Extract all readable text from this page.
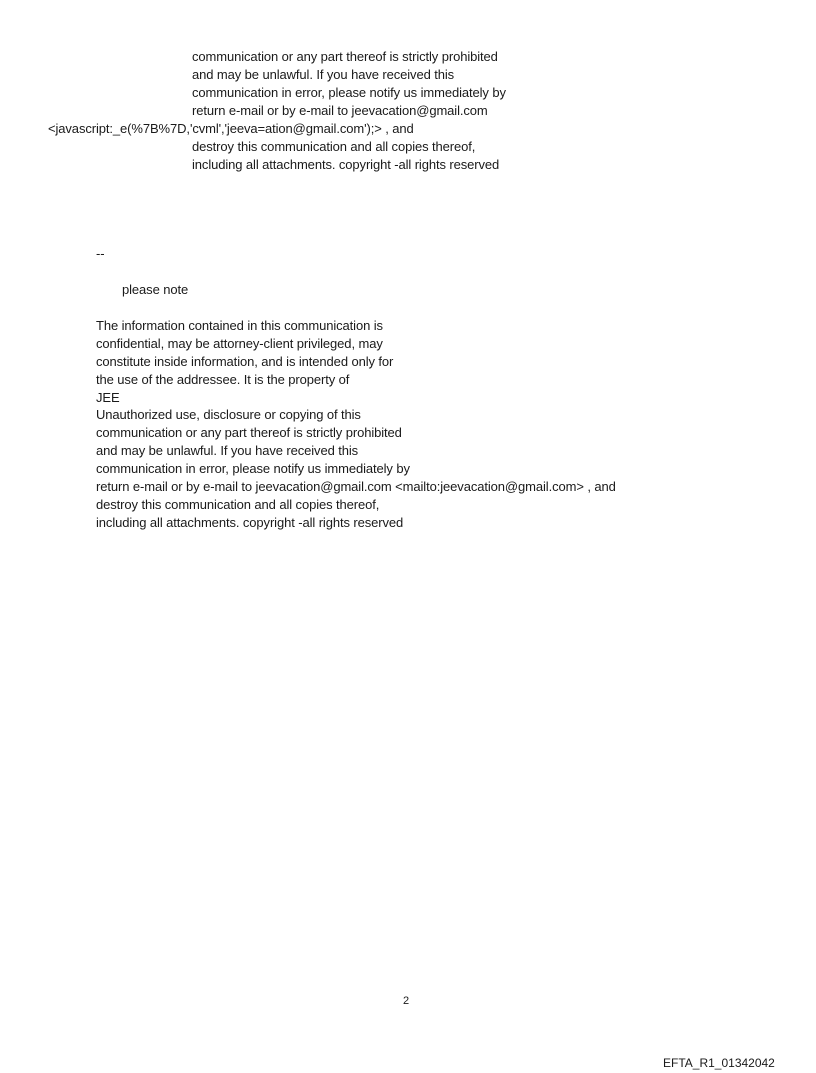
communication or any part thereof is strictly prohibited
and may be unlawful. If you have received this
communication in error, please notify us immediately by
return e-mail or by e-mail to jeevacation@gmail.com
<javascript:_e(%7B%7D,'cvml','jeeva=ation@gmail.com');> , and
destroy this communication and all copies thereof,
including all attachments. copyright -all rights reserved
--
please note
The information contained in this communication is
confidential, may be attorney-client privileged, may
constitute inside information, and is intended only for
the use of the addressee. It is the property of
JEE
Unauthorized use, disclosure or copying of this
communication or any part thereof is strictly prohibited
and may be unlawful. If you have received this
communication in error, please notify us immediately by
return e-mail or by e-mail to jeevacation@gmail.com <mailto:jeevacation@gmail.com> , and
destroy this communication and all copies thereof,
including all attachments. copyright -all rights reserved
2
EFTA_R1_01342042
